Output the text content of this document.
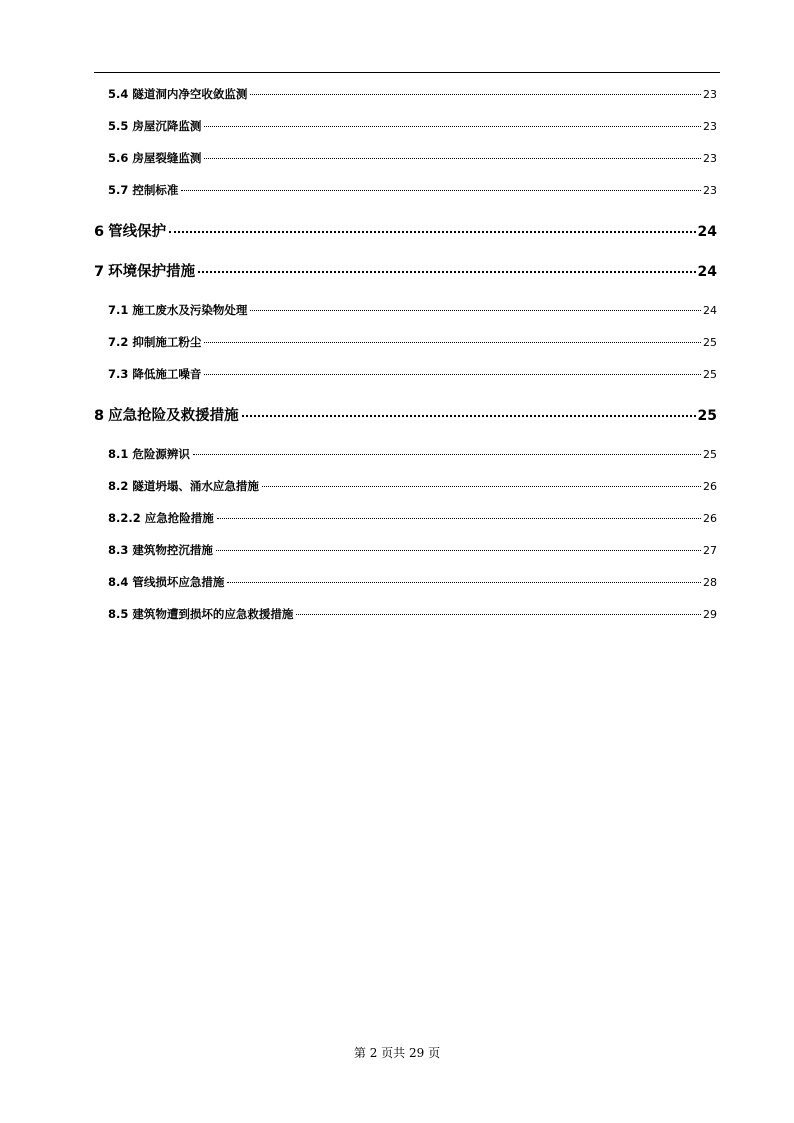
5.4 隧道洞内净空收敛监测	23
5.5 房屋沉降监测	23
5.6 房屋裂缝监测	23
5.7 控制标准	23
6 管线保护	24
7 环境保护措施	24
7.1 施工废水及污染物处理	24
7.2 抑制施工粉尘	25
7.3 降低施工噪音	25
8 应急抢险及救援措施	25
8.1 危险源辨识	25
8.2 隧道坍塌、涌水应急措施	26
8.2.2 应急抢险措施	26
8.3 建筑物控沉措施	27
8.4 管线损坏应急措施	28
8.5 建筑物遭到损坏的应急救援措施	29
第 2 页共 29 页
